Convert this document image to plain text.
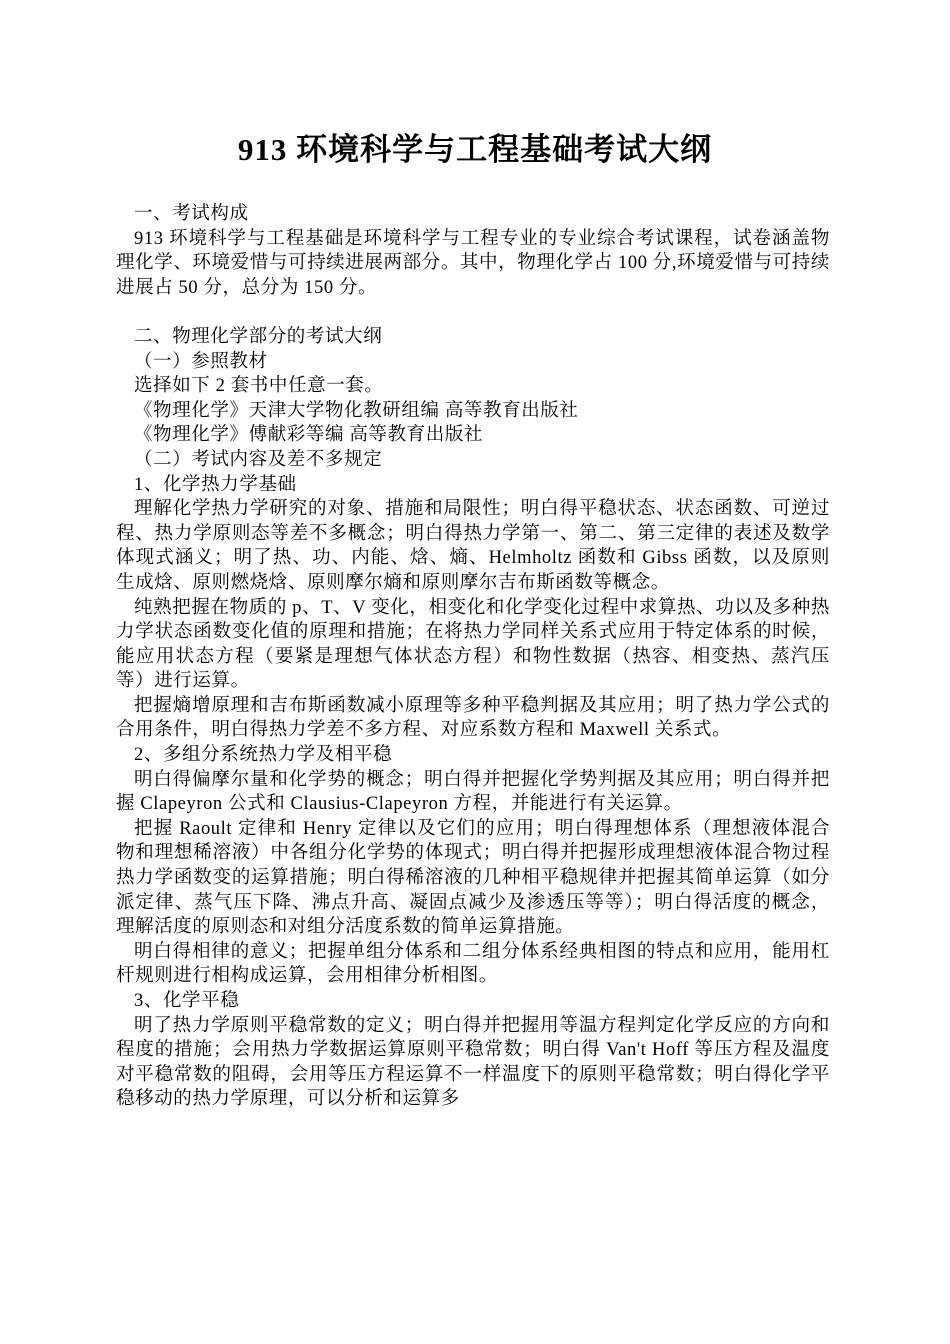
913 环境科学与工程基础考试大纲

一、考试构成

913 环境科学与工程基础是环境科学与工程专业的专业综合考试课程，试卷涵盖物理化学、环境爱惜与可持续进展两部分。其中，物理化学占 100 分,环境爱惜与可持续进展占 50 分，总分为 150 分。

二、物理化学部分的考试大纲

（一）参照教材

选择如下 2 套书中任意一套。

《物理化学》天津大学物化教研组编 高等教育出版社

《物理化学》傅献彩等编 高等教育出版社

（二）考试内容及差不多规定

1、化学热力学基础

理解化学热力学研究的对象、措施和局限性；明白得平稳状态、状态函数、可逆过程、热力学原则态等差不多概念；明白得热力学第一、第二、第三定律的表述及数学体现式涵义；明了热、功、内能、焓、熵、Helmholtz 函数和 Gibss 函数，以及原则生成焓、原则燃烧焓、原则摩尔熵和原则摩尔吉布斯函数等概念。

纯熟把握在物质的 p、T、V 变化，相变化和化学变化过程中求算热、功以及多种热力学状态函数变化值的原理和措施；在将热力学同样关系式应用于特定体系的时候，能应用状态方程（要紧是理想气体状态方程）和物性数据（热容、相变热、蒸汽压等）进行运算。

把握熵增原理和吉布斯函数减小原理等多种平稳判据及其应用；明了热力学公式的合用条件，明白得热力学差不多方程、对应系数方程和 Maxwell 关系式。

2、多组分系统热力学及相平稳

明白得偏摩尔量和化学势的概念；明白得并把握化学势判据及其应用；明白得并把握 Clapeyron 公式和 Clausius-Clapeyron 方程，并能进行有关运算。

把握 Raoult 定律和 Henry 定律以及它们的应用；明白得理想体系（理想液体混合物和理想稀溶液）中各组分化学势的体现式；明白得并把握形成理想液体混合物过程热力学函数变的运算措施；明白得稀溶液的几种相平稳规律并把握其简单运算（如分派定律、蒸气压下降、沸点升高、凝固点减少及渗透压等等）；明白得活度的概念，理解活度的原则态和对组分活度系数的简单运算措施。

明白得相律的意义；把握单组分体系和二组分体系经典相图的特点和应用，能用杠杆规则进行相构成运算，会用相律分析相图。

3、化学平稳

明了热力学原则平稳常数的定义；明白得并把握用等温方程判定化学反应的方向和程度的措施；会用热力学数据运算原则平稳常数；明白得 Van't Hoff 等压方程及温度对平稳常数的阻碍，会用等压方程运算不一样温度下的原则平稳常数；明白得化学平稳移动的热力学原理，可以分析和运算多
